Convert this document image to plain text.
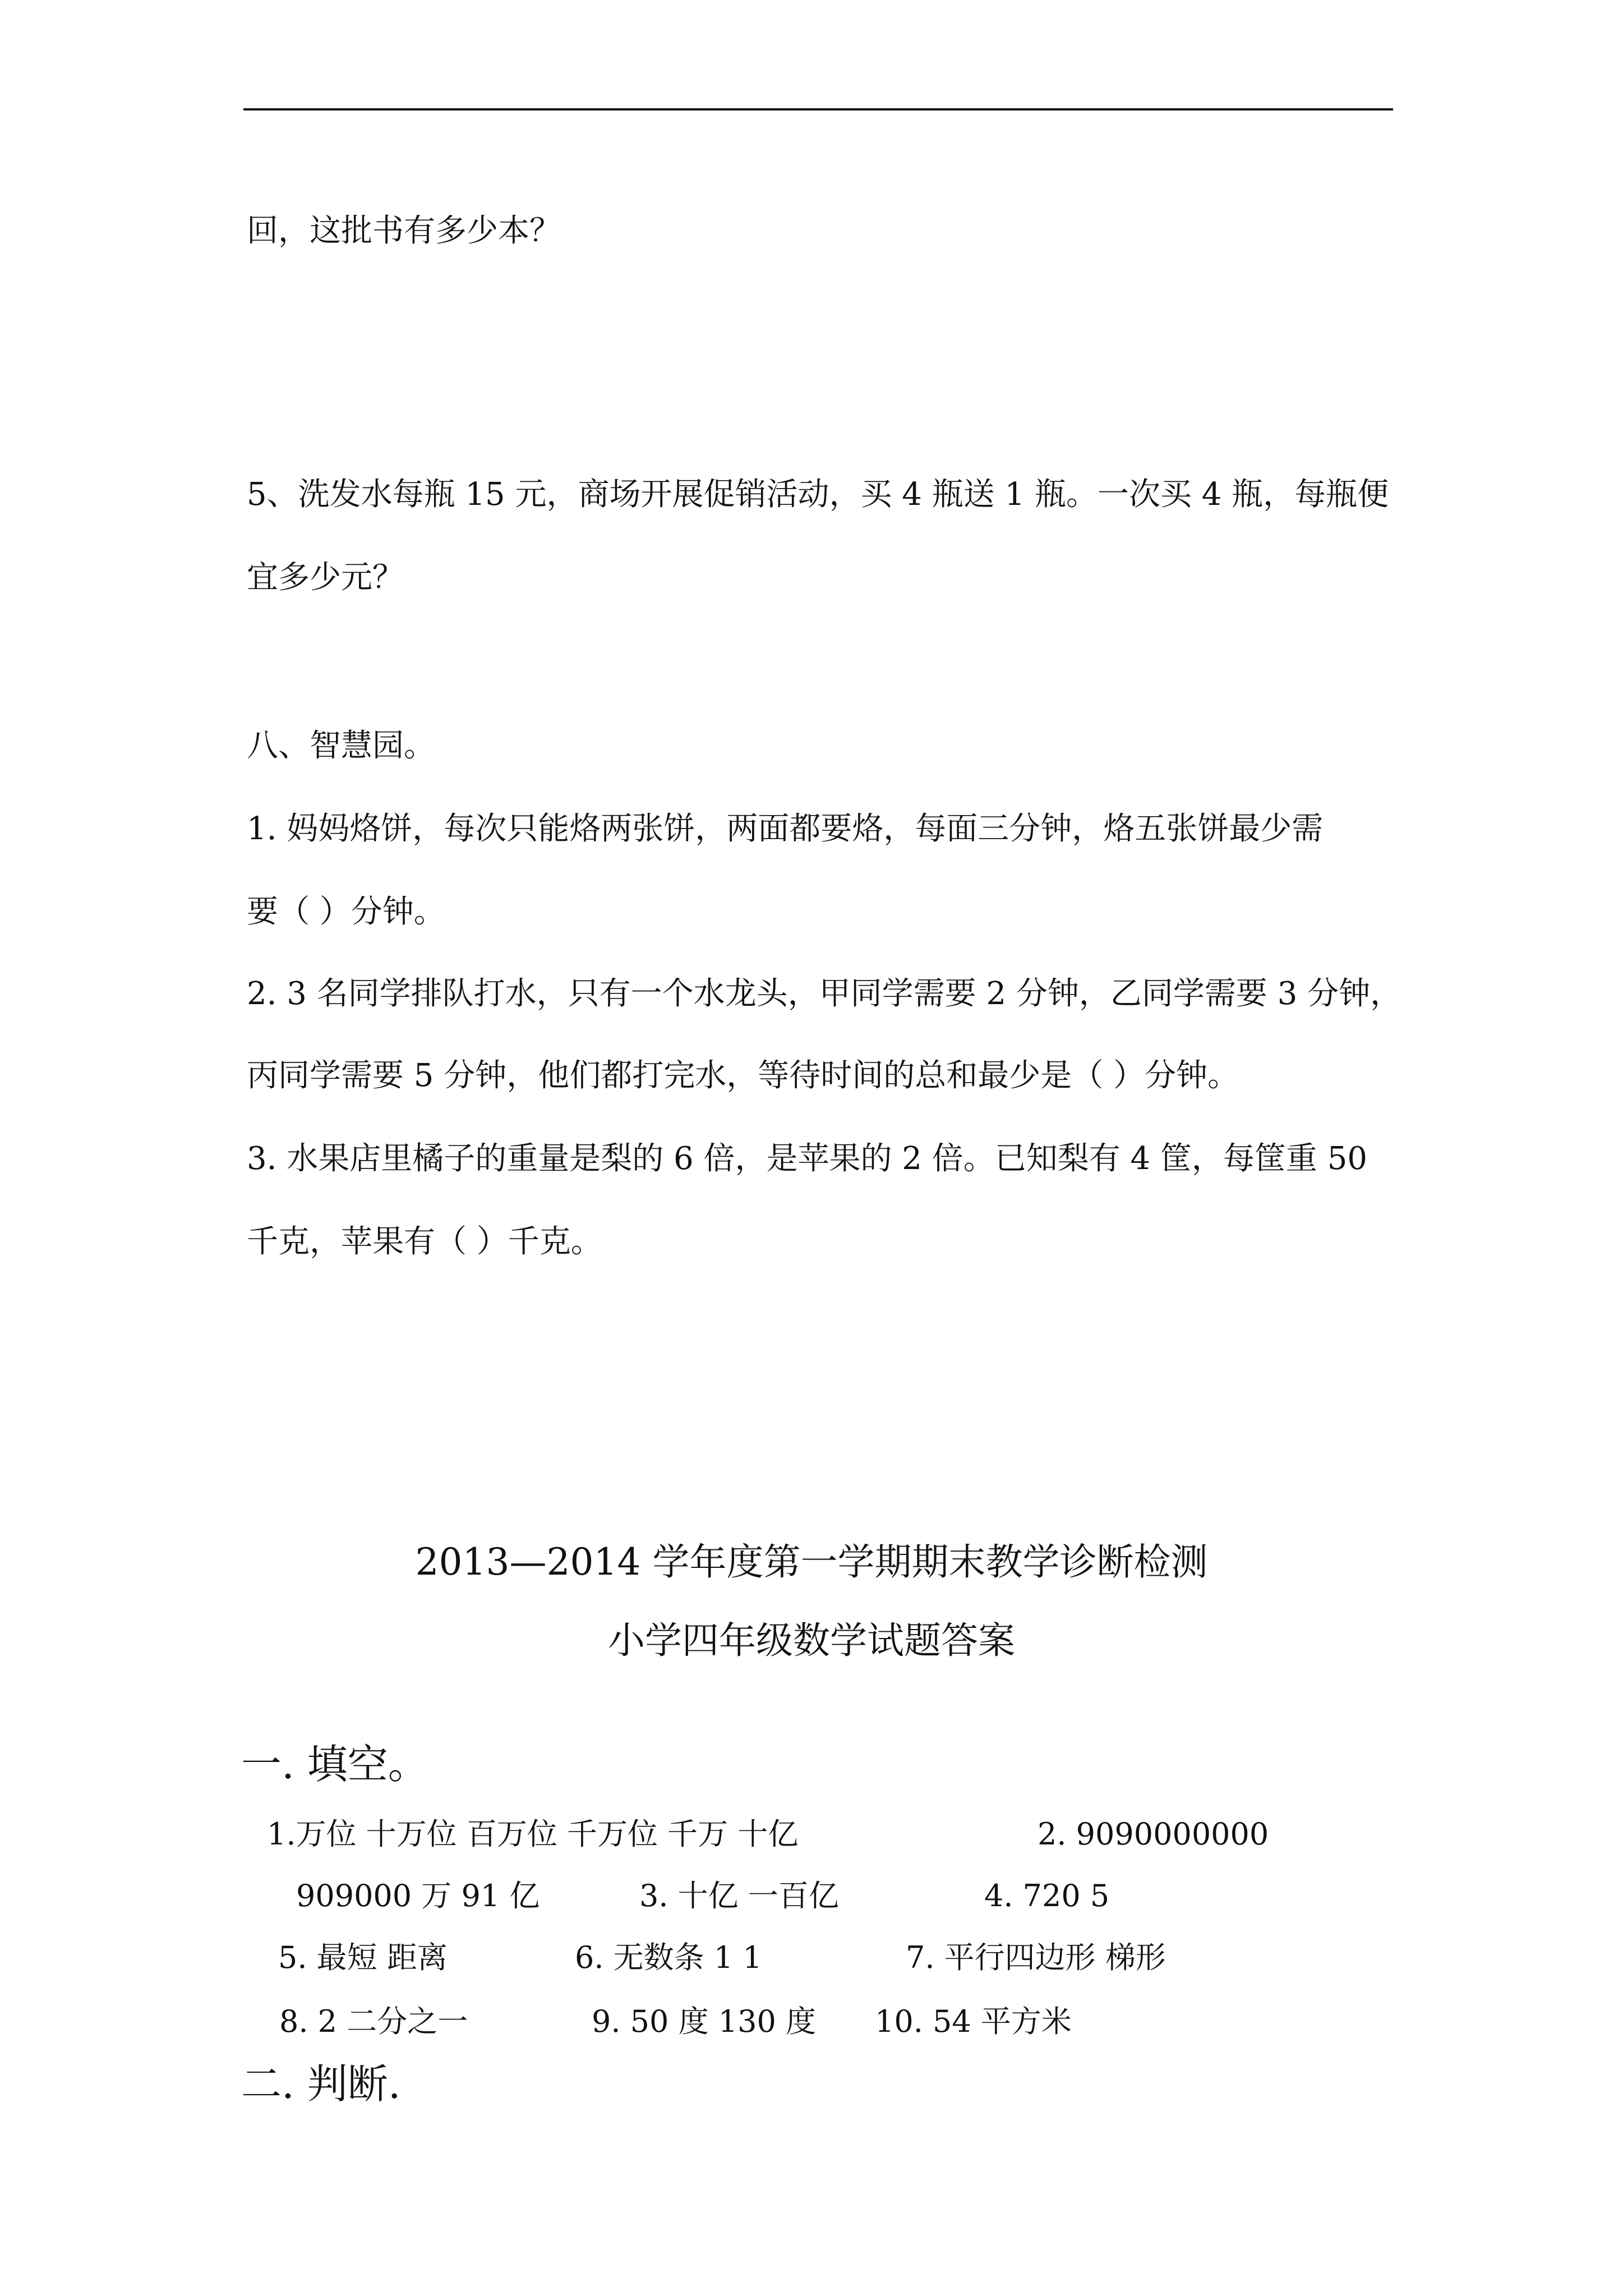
回，这批书有多少本？
5、洗发水每瓶 15 元，商场开展促销活动，买 4 瓶送 1 瓶。一次买 4 瓶，每瓶便
宜多少元？
八、智慧园。
1. 妈妈烙饼，每次只能烙两张饼，两面都要烙，每面三分钟，烙五张饼最少需
要（ ）分钟。
2. 3 名同学排队打水，只有一个水龙头，甲同学需要 2 分钟，乙同学需要 3 分钟，
丙同学需要 5 分钟，他们都打完水，等待时间的总和最少是（ ）分钟。
3. 水果店里橘子的重量是梨的 6 倍，是苹果的 2 倍。已知梨有 4 筐，每筐重 50
千克，苹果有（ ）千克。
2013—2014 学年度第一学期期末教学诊断检测
小学四年级数学试题答案
一. 填空。
1.万位 十万位 百万位 千万位 千万 十亿	2. 9090000000
909000 万 91 亿	3. 十亿 一百亿	4. 720 5
5. 最短 距离	6. 无数条 1 1	7. 平行四边形 梯形
8. 2 二分之一	9. 50 度 130 度 10. 54 平方米
二. 判断.
